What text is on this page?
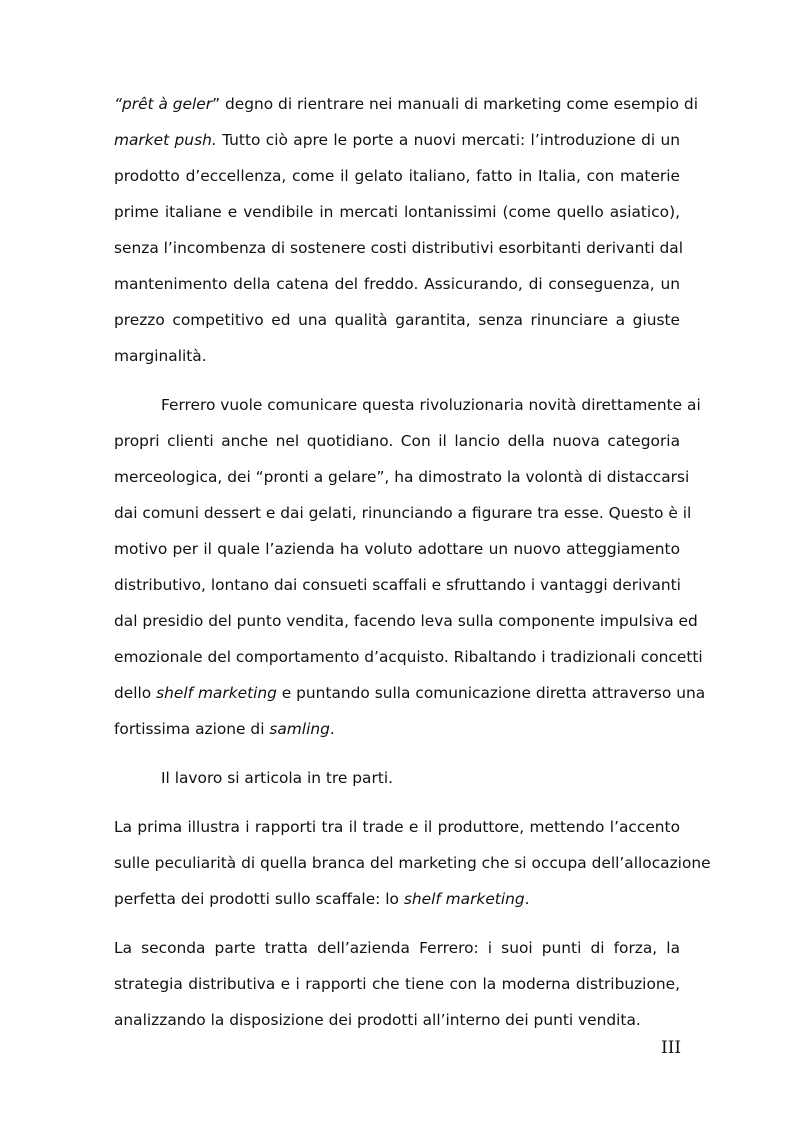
“prêt à geler” degno di rientrare nei manuali di marketing come esempio di
market push. Tutto ciò apre le porte a nuovi mercati: l’introduzione di un
prodotto d’eccellenza, come il gelato italiano, fatto in Italia, con materie
prime italiane e vendibile in mercati lontanissimi (come quello asiatico),
senza l’incombenza di sostenere costi distributivi esorbitanti derivanti dal
mantenimento della catena del freddo. Assicurando, di conseguenza, un
prezzo competitivo ed una qualità garantita, senza rinunciare a giuste
marginalità.
Ferrero vuole comunicare questa rivoluzionaria novità direttamente ai
propri clienti anche nel quotidiano. Con il lancio della nuova categoria
merceologica, dei “pronti a gelare”, ha dimostrato la volontà di distaccarsi
dai comuni dessert e dai gelati, rinunciando a figurare tra esse. Questo è il
motivo per il quale l’azienda ha voluto adottare un nuovo atteggiamento
distributivo, lontano dai consueti scaffali e sfruttando i vantaggi derivanti
dal presidio del punto vendita, facendo leva sulla componente impulsiva ed
emozionale del comportamento d’acquisto. Ribaltando i tradizionali concetti
dello shelf marketing e puntando sulla comunicazione diretta attraverso una
fortissima azione di samling.
Il lavoro si articola in tre parti.
La prima illustra i rapporti tra il trade e il produttore, mettendo l’accento
sulle peculiarità di quella branca del marketing che si occupa dell’allocazione
perfetta dei prodotti sullo scaffale: lo shelf marketing.
La seconda parte tratta dell’azienda Ferrero: i suoi punti di forza, la
strategia distributiva e i rapporti che tiene con la moderna distribuzione,
analizzando la disposizione dei prodotti all’interno dei punti vendita.
III
